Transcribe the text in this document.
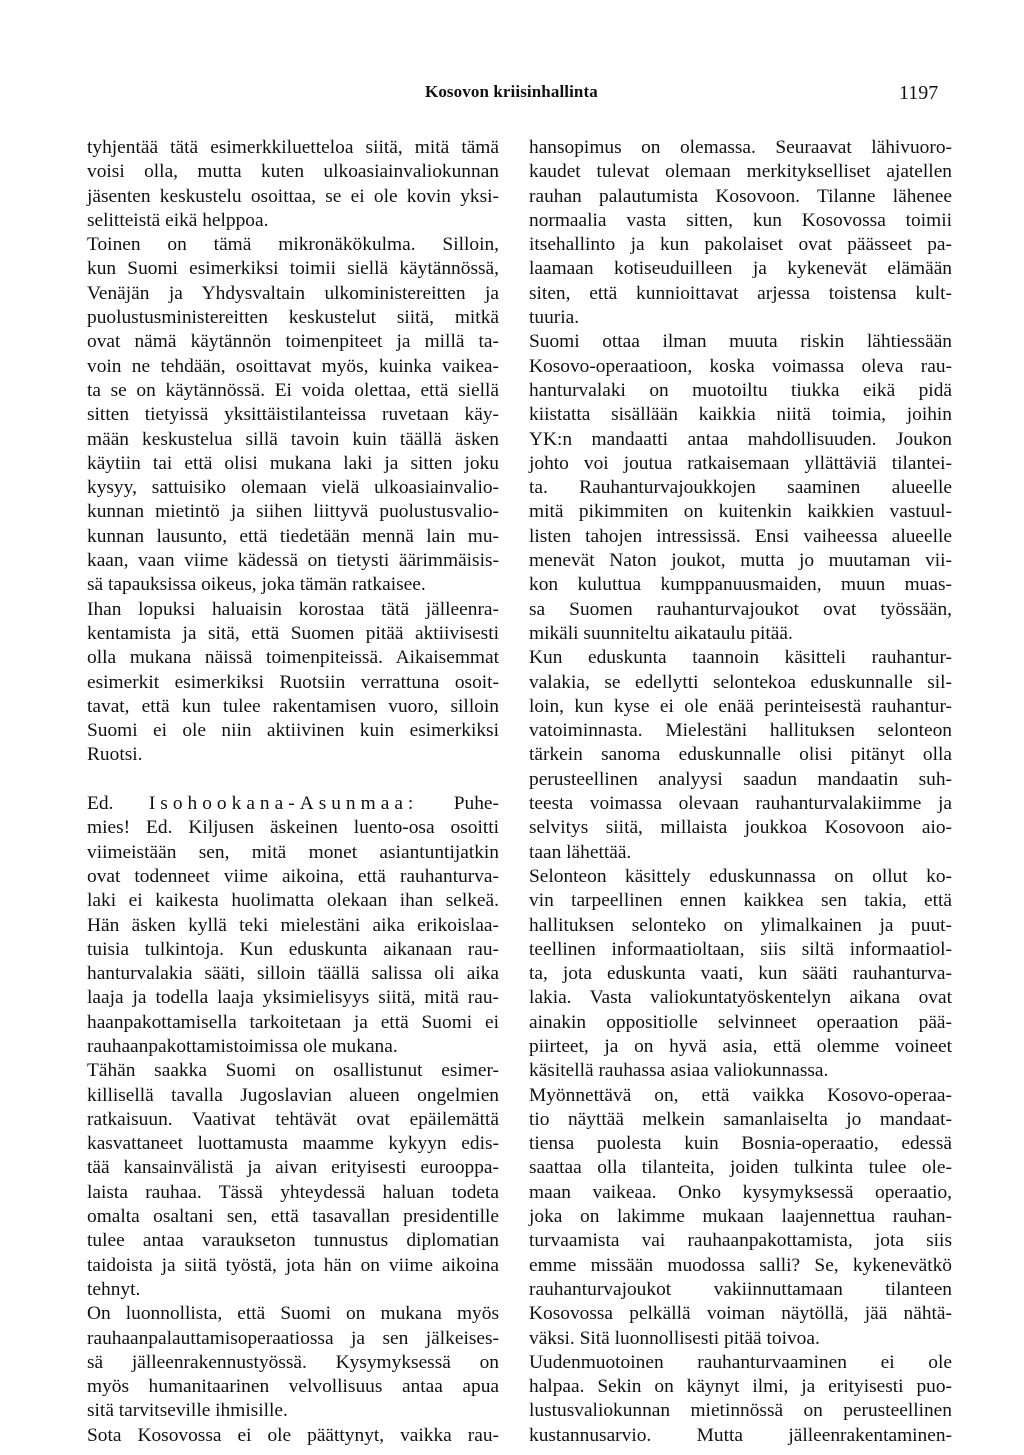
Kosovon kriisinhallinta	1197
tyhjentää tätä esimerkkiluetteloa siitä, mitä tämä
voisi olla, mutta kuten ulkoasiainvaliokunnan
jäsenten keskustelu osoittaa, se ei ole kovin yksi-
selitteistä eikä helppoa.
Toinen on tämä mikronäkökulma. Silloin,
kun Suomi esimerkiksi toimii siellä käytännössä,
Venäjän ja Yhdysvaltain ulkoministereitten ja
puolustusministereitten keskustelut siitä, mitkä
ovat nämä käytännön toimenpiteet ja millä ta-
voin ne tehdään, osoittavat myös, kuinka vaikea-
ta se on käytännössä. Ei voida olettaa, että siellä
sitten tietyissä yksittäistilanteissa ruvetaan käy-
mään keskustelua sillä tavoin kuin täällä äsken
käytiin tai että olisi mukana laki ja sitten joku
kysyy, sattuisiko olemaan vielä ulkoasiainvalio-
kunnan mietintö ja siihen liittyvä puolustusvalio-
kunnan lausunto, että tiedetään mennä lain mu-
kaan, vaan viime kädessä on tietysti äärimmäisis-
sä tapauksissa oikeus, joka tämän ratkaisee.
Ihan lopuksi haluaisin korostaa tätä jälleenra-
kentamista ja sitä, että Suomen pitää aktiivisesti
olla mukana näissä toimenpiteissä. Aikaisemmat
esimerkit esimerkiksi Ruotsiin verrattuna osoit-
tavat, että kun tulee rakentamisen vuoro, silloin
Suomi ei ole niin aktiivinen kuin esimerkiksi
Ruotsi.
Ed. Isohookana-Asunmaa: Puhe-
mies! Ed. Kiljusen äskeinen luento-osa osoitti
viimeistään sen, mitä monet asiantuntijatkin
ovat todenneet viime aikoina, että rauhanturva-
laki ei kaikesta huolimatta olekaan ihan selkeä.
Hän äsken kyllä teki mielestäni aika erikoislaa-
tuisia tulkintoja. Kun eduskunta aikanaan rau-
hanturvalakia sääti, silloin täällä salissa oli aika
laaja ja todella laaja yksimielisyys siitä, mitä rau-
haanpakottamisella tarkoitetaan ja että Suomi ei
rauhaanpakottamistoimissa ole mukana.
Tähän saakka Suomi on osallistunut esimer-
killisellä tavalla Jugoslavian alueen ongelmien
ratkaisuun. Vaativat tehtävät ovat epäilemättä
kasvattaneet luottamusta maamme kykyyn edis-
tää kansainvälistä ja aivan erityisesti eurooppa-
laista rauhaa. Tässä yhteydessä haluan todeta
omalta osaltani sen, että tasavallan presidentille
tulee antaa varaukseton tunnustus diplomatian
taidoista ja siitä työstä, jota hän on viime aikoina
tehnyt.
On luonnollista, että Suomi on mukana myös
rauhaanpalauttamisoperaatiossa ja sen jälkeises-
sä jälleenrakennustyössä. Kysymyksessä on
myös humanitaarinen velvollisuus antaa apua
sitä tarvitseville ihmisille.
Sota Kosovossa ei ole päättynyt, vaikka rau-
hansopimus on olemassa. Seuraavat lähivuoro-
kaudet tulevat olemaan merkitykselliset ajatellen
rauhan palautumista Kosovoon. Tilanne lähenee
normaalia vasta sitten, kun Kosovossa toimii
itsehallinto ja kun pakolaiset ovat päässeet pa-
laamaan kotiseuduilleen ja kykenevät elämään
siten, että kunnioittavat arjessa toistensa kult-
tuuria.
Suomi ottaa ilman muuta riskin lähtiessään
Kosovo-operaatioon, koska voimassa oleva rau-
hanturvalaki on muotoiltu tiukka eikä pidä
kiistatta sisällään kaikkia niitä toimia, joihin
YK:n mandaatti antaa mahdollisuuden. Joukon
johto voi joutua ratkaisemaan yllättäviä tilantei-
ta. Rauhanturvajoukkojen saaminen alueelle
mitä pikimmiten on kuitenkin kaikkien vastuul-
listen tahojen intressissä. Ensi vaiheessa alueelle
menevät Naton joukot, mutta jo muutaman vii-
kon kuluttua kumppanuusmaiden, muun muas-
sa Suomen rauhanturvajoukot ovat työssään,
mikäli suunniteltu aikataulu pitää.
Kun eduskunta taannoin käsitteli rauhantur-
valakia, se edellytti selontekoa eduskunnalle sil-
loin, kun kyse ei ole enää perinteisestä rauhantur-
vatoiminnasta. Mielestäni hallituksen selonteon
tärkein sanoma eduskunnalle olisi pitänyt olla
perusteellinen analyysi saadun mandaatin suh-
teesta voimassa olevaan rauhanturvalakiimme ja
selvitys siitä, millaista joukkoa Kosovoon aio-
taan lähettää.
Selonteon käsittely eduskunnassa on ollut ko-
vin tarpeellinen ennen kaikkea sen takia, että
hallituksen selonteko on ylimalkainen ja puut-
teellinen informaatioltaan, siis siltä informaatiol-
ta, jota eduskunta vaati, kun sääti rauhanturva-
lakia. Vasta valiokuntatyöskentelyn aikana ovat
ainakin oppositiolle selvinneet operaation pää-
piirteet, ja on hyvä asia, että olemme voineet
käsitellä rauhassa asiaa valiokunnassa.
Myönnettävä on, että vaikka Kosovo-operaa-
tio näyttää melkein samanlaiselta jo mandaat-
tiensa puolesta kuin Bosnia-operaatio, edessä
saattaa olla tilanteita, joiden tulkinta tulee ole-
maan vaikeaa. Onko kysymyksessä operaatio,
joka on lakimme mukaan laajennettua rauhan-
turvaamista vai rauhaanpakottamista, jota siis
emme missään muodossa salli? Se, kykenevätkö
rauhanturvajoukot vakiinnuttamaan tilanteen
Kosovossa pelkällä voiman näytöllä, jää nähtä-
väksi. Sitä luonnollisesti pitää toivoa.
Uudenmuotoinen rauhanturvaaminen ei ole
halpaa. Sekin on käynyt ilmi, ja erityisesti puo-
lustusvaliokunnan mietinnössä on perusteellinen
kustannusarvio. Mutta jälleenrakentaminen-
